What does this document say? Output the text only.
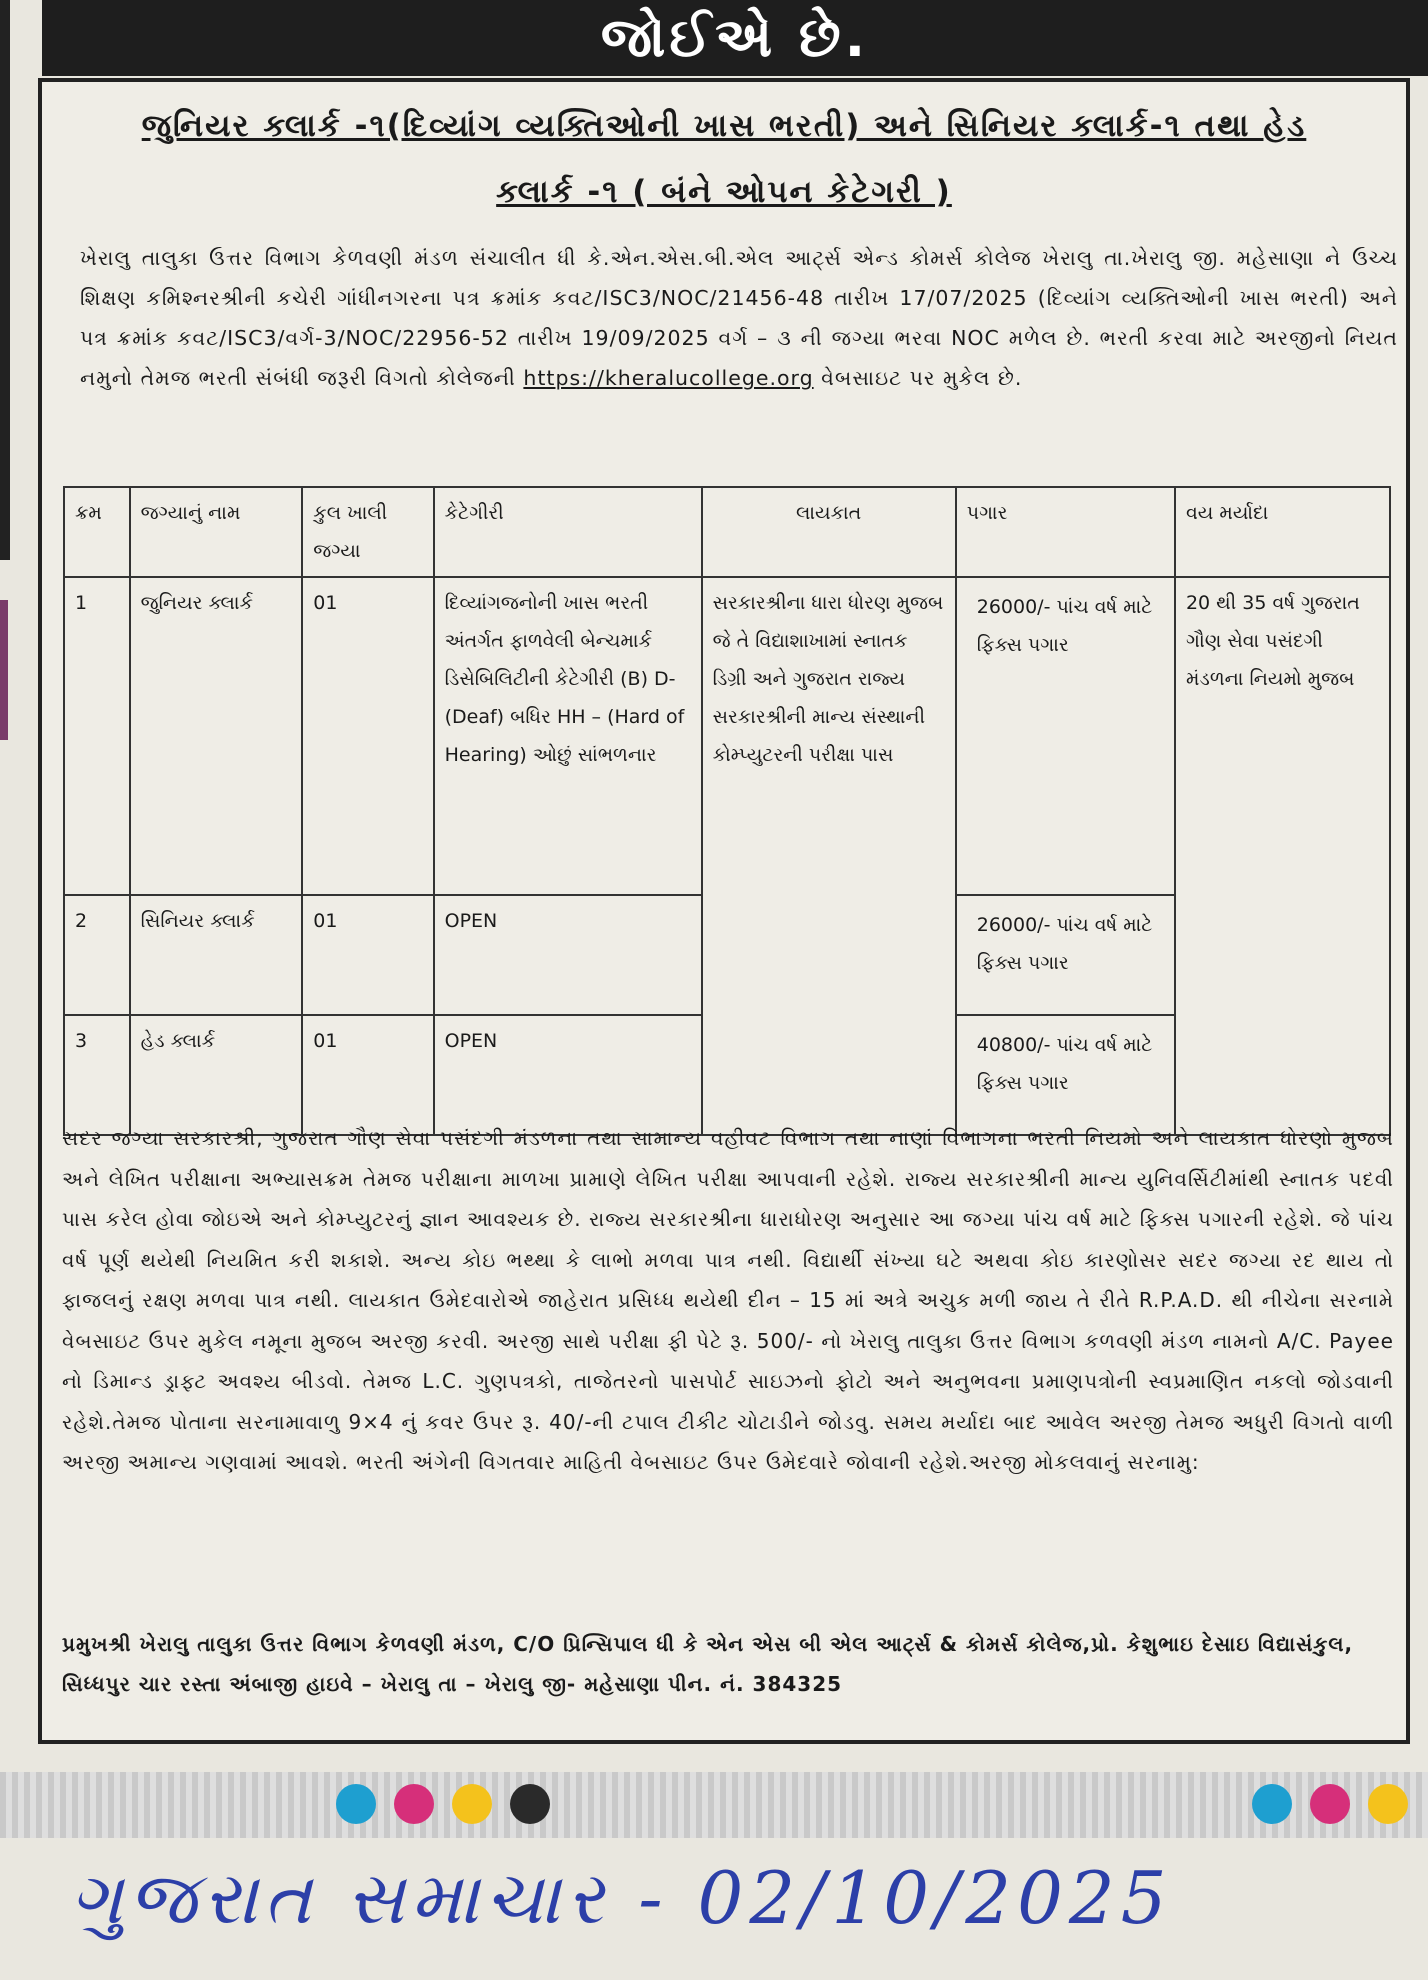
જોઈએ છે.
જુનિયર ક્લાર્ક -૧(દિવ્યાંગ વ્યક્તિઓની ખાસ ભરતી) અને સિનિયર ક્લાર્ક-૧ તથા હેડ
ક્લાર્ક -૧ ( બંને ઓપન કેટેગરી )
ખેરાલુ તાલુકા ઉત્તર વિભાગ કેળવણી મંડળ સંચાલીત ધી કે.એન.એસ.બી.એલ આર્ટ્સ એન્ડ કોમર્સ કોલેજ ખેરાલુ તા.ખેરાલુ જી. મહેસાણા ને ઉચ્ચ શિક્ષણ કમિશ્નરશ્રીની કચેરી ગાંધીનગરના પત્ર ક્રમાંક કવટ/ISC3/NOC/21456-48 તારીખ 17/07/2025 (દિવ્યાંગ વ્યક્તિઓની ખાસ ભરતી) અને પત્ર ક્રમાંક કવટ/ISC3/વર્ગ-3/NOC/22956-52 તારીખ 19/09/2025 વર્ગ – ૩ ની જગ્યા ભરવા NOC મળેલ છે. ભરતી કરવા માટે અરજીનો નિયત નમુનો તેમજ ભરતી સંબંધી જરૂરી વિગતો કોલેજની https://kheralucollege.org વેબસાઇટ પર મુકેલ છે.
ક્રમ	જગ્યાનું નામ	કુલ ખાલી જગ્યા	કેટેગીરી	લાયકાત	પગાર	વય મર્યાદા
1	જુનિયર ક્લાર્ક	01	દિવ્યાંગજનોની ખાસ ભરતી અંતર્ગત ફાળવેલી બેન્ચમાર્ક ડિસેબિલિટીની કેટેગીરી (B) D-(Deaf) બધિર HH – (Hard of Hearing) ઓછું સાંભળનાર	સરકારશ્રીના ધારા ધોરણ મુજબ જે તે વિદ્યાશાખામાં સ્નાતક ડિગ્રી અને ગુજરાત રાજ્ય સરકારશ્રીની માન્ય સંસ્થાની કોમ્પ્યુટરની પરીક્ષા પાસ	26000/- પાંચ વર્ષ માટે ફિક્સ પગાર	20 થી 35 વર્ષ ગુજરાત ગૌણ સેવા પસંદગી મંડળના નિયમો મુજબ
2	સિનિયર ક્લાર્ક	01	OPEN		26000/- પાંચ વર્ષ માટે ફિક્સ પગાર	

3	હેડ ક્લાર્ક	01	OPEN		40800/- પાંચ વર્ષ માટે ફિક્સ પગાર	
સદર જગ્યા સરકારશ્રી, ગુજરાત ગૌણ સેવા પસંદગી મંડળના તથા સામાન્ય વહીવટ વિભાગ તથા નાણાં વિભાગના ભરતી નિયમો અને લાયકાત ધોરણો મુજબ અને લેખિત પરીક્ષાના અભ્યાસક્રમ તેમજ પરીક્ષાના માળખા પ્રામાણે લેખિત પરીક્ષા આપવાની રહેશે. રાજ્ય સરકારશ્રીની માન્ય યુનિવર્સિટીમાંથી સ્નાતક પદવી પાસ કરેલ હોવા જોઇએ અને કોમ્પ્યુટરનું જ્ઞાન આવશ્યક છે. રાજ્ય સરકારશ્રીના ધારાધોરણ અનુસાર આ જગ્યા પાંચ વર્ષ માટે ફિક્સ પગારની રહેશે. જે પાંચ વર્ષ પૂર્ણ થયેથી નિયમિત કરી શકાશે. અન્ય કોઇ ભથ્થા કે લાભો મળવા પાત્ર નથી. વિદ્યાર્થી સંખ્યા ઘટે અથવા કોઇ કારણોસર સદર જગ્યા રદ થાય તો ફાજલનું રક્ષણ મળવા પાત્ર નથી. લાયકાત ઉમેદવારોએ જાહેરાત પ્રસિધ્ધ થયેથી દીન – 15 માં અત્રે અચુક મળી જાય તે રીતે R.P.A.D. થી નીચેના સરનામે વેબસાઇટ ઉપર મુકેલ નમૂના મુજબ અરજી કરવી. અરજી સાથે પરીક્ષા ફી પેટે રૂ. 500/- નો ખેરાલુ તાલુકા ઉત્તર વિભાગ કળવણી મંડળ નામનો A/C. Payee નો ડિમાન્ડ ડ્રાફ્ટ અવશ્ય બીડવો. તેમજ L.C. ગુણપત્રકો, તાજેતરનો પાસપોર્ટ સાઇઝનો ફોટો અને અનુભવના પ્રમાણપત્રોની સ્વપ્રમાણિત નકલો જોડવાની રહેશે.તેમજ પોતાના સરનામાવાળુ 9×4 નું કવર ઉપર રૂ. 40/-ની ટપાલ ટીકીટ ચોટાડીને જોડવુ. સમય મર્યાદા બાદ આવેલ અરજી તેમજ અધુરી વિગતો વાળી અરજી અમાન્ય ગણવામાં આવશે. ભરતી અંગેની વિગતવાર માહિતી વેબસાઇટ ઉપર ઉમેદવારે જોવાની રહેશે.અરજી મોકલવાનું સરનામુ:
પ્રમુખશ્રી ખેરાલુ તાલુકા ઉત્તર વિભાગ કેળવણી મંડળ, C/O પ્રિન્સિપાલ ધી કે એન એસ બી એલ આર્ટ્સ & કોમર્સ કોલેજ,પ્રો. કેશુભાઇ દેસાઇ વિદ્યાસંકુલ, સિધ્ધપુર ચાર રસ્તા અંબાજી હાઇવે – ખેરાલુ તા – ખેરાલુ જી- મહેસાણા પીન. નં. 384325
ગુજરાત સમાચાર - 02/10/2025
